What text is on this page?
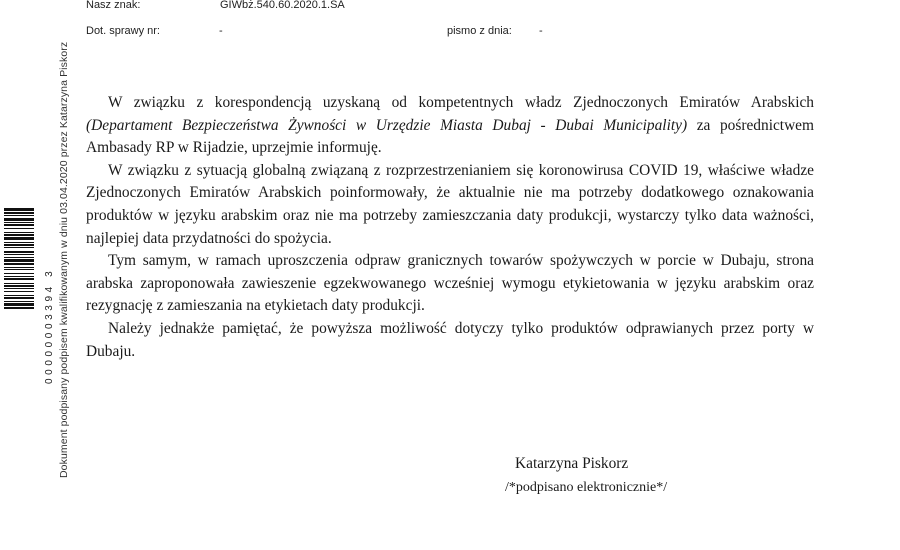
00000003394 3 Dokument podpisany podpisem kwalifikowanym w dniu 03.04.2020 przez Katarzyna Piskorz
Nasz znak:	GIWbż.540.60.2020.1.SA
Dot. sprawy nr:	-	pismo z dnia: -

W związku z korespondencją uzyskaną od kompetentnych władz Zjednoczonych Emiratów Arabskich (Departament Bezpieczeństwa Żywności w Urzędzie Miasta Dubaj - Dubai Municipality) za pośrednictwem Ambasady RP w Rijadzie, uprzejmie informuję.

W związku z sytuacją globalną związaną z rozprzestrzenianiem się koronowirusa COVID 19, właściwe władze Zjednoczonych Emiratów Arabskich poinformowały, że aktualnie nie ma potrzeby dodatkowego oznakowania produktów w języku arabskim oraz nie ma potrzeby zamieszczania daty produkcji, wystarczy tylko data ważności, najlepiej data przydatności do spożycia.

Tym samym, w ramach uproszczenia odpraw granicznych towarów spożywczych w porcie w Dubaju, strona arabska zaproponowała zawieszenie egzekwowanego wcześniej wymogu etykietowania w języku arabskim oraz rezygnację z zamieszania na etykietach daty produkcji.

Należy jednakże pamiętać, że powyższa możliwość dotyczy tylko produktów odprawianych przez porty w Dubaju.

Katarzyna Piskorz
/*podpisano elektronicznie*/
